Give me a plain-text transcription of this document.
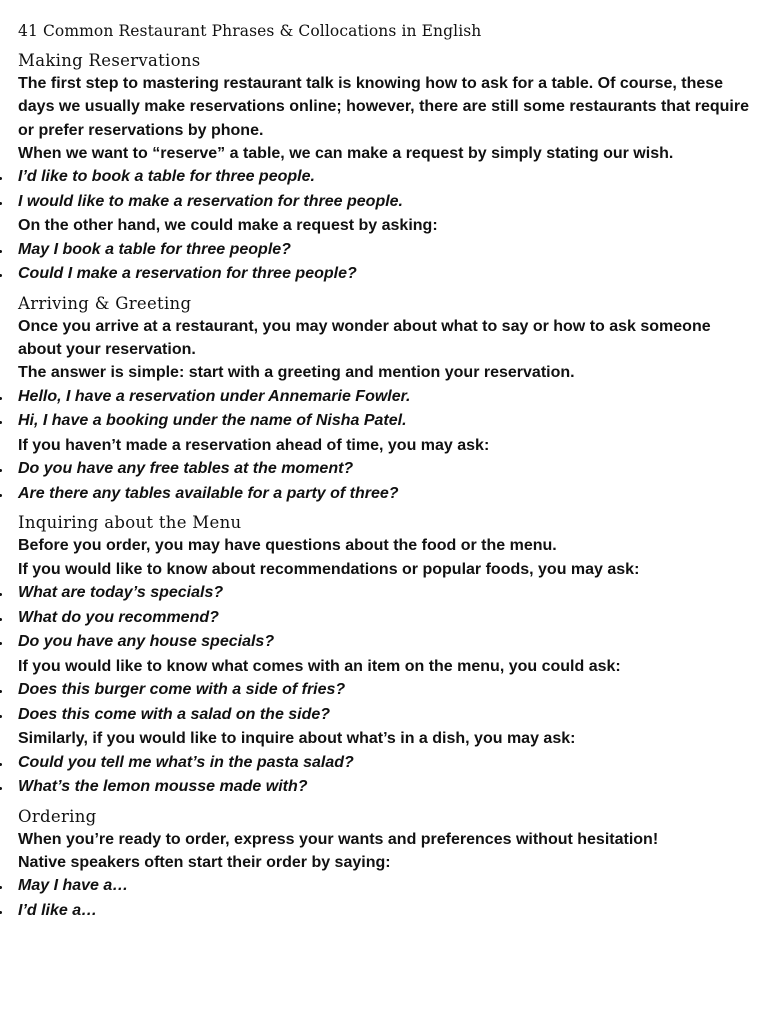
41 Common Restaurant Phrases & Collocations in English
Making Reservations

The first step to mastering restaurant talk is knowing how to ask for a table. Of course, these days we usually make reservations online; however, there are still some restaurants that require or prefer reservations by phone.

When we want to “reserve” a table, we can make a request by simply stating our wish.

I’d like to book a table for three people.
I would like to make a reservation for three people.

On the other hand, we could make a request by asking:

May I book a table for three people?
Could I make a reservation for three people?
Arriving & Greeting

Once you arrive at a restaurant, you may wonder about what to say or how to ask someone about your reservation.

The answer is simple: start with a greeting and mention your reservation.

Hello, I have a reservation under Annemarie Fowler.
Hi, I have a booking under the name of Nisha Patel.

If you haven’t made a reservation ahead of time, you may ask:

Do you have any free tables at the moment?
Are there any tables available for a party of three?
Inquiring about the Menu

Before you order, you may have questions about the food or the menu.

If you would like to know about recommendations or popular foods, you may ask:

What are today’s specials?
What do you recommend?
Do you have any house specials?

If you would like to know what comes with an item on the menu, you could ask:

Does this burger come with a side of fries?
Does this come with a salad on the side?

Similarly, if you would like to inquire about what’s in a dish, you may ask:

Could you tell me what’s in the pasta salad?
What’s the lemon mousse made with?
Ordering

When you’re ready to order, express your wants and preferences without hesitation!

Native speakers often start their order by saying:

May I have a…
I’d like a…
